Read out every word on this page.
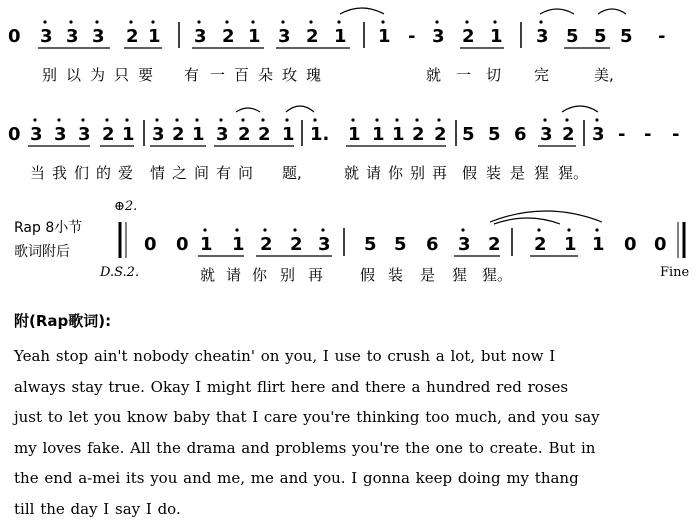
0 3 3 3 2 1 3 2 1 3 2 1 1 - 3 2 1 3 5 5 5 -
别 以 为 只 要 有 一 百 朵 玫 瑰	就 一 切 完	美,
0 3 3 3 2 1 3 2 1 3 2 2 1 1. 1 1 1 2 2 5 5 6 3 2 3 - - -
当 我 们 的 爱 情 之 间 有 问 题,	就 请 你 别 再 假 装 是 猩 猩。
Rap 8小节
歌词附后
⊕2.
D.S.2.	Fine
0 0 1 1 2 2 3 5 5 6 3 2 2 1 1 0 0
就 请 你 别 再 假 装 是 猩 猩。
附(Rap歌词):
Yeah stop ain't nobody cheatin' on you, I use to crush a lot, but now I
always stay true. Okay I might flirt here and there a hundred red roses
just to let you know baby that I care you're thinking too much, and you say
my loves fake. All the drama and problems you're the one to create. But in
the end a-mei its you and me, me and you. I gonna keep doing my thang
till the day I say I do.
